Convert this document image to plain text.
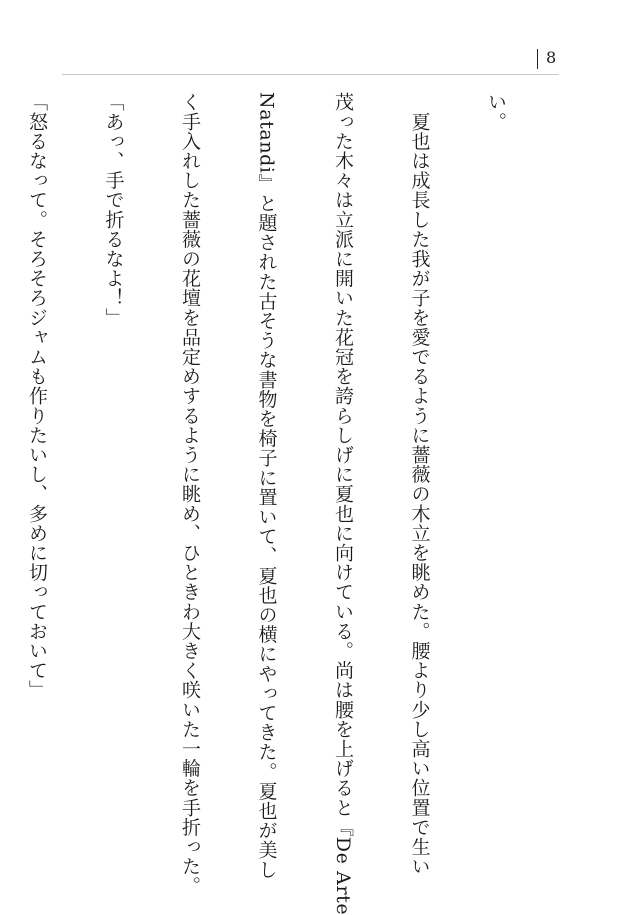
8

い。

　夏也は成長した我が子を愛でるように薔薇の木立を眺めた。腰より少し高い位置で生い

茂った木々は立派に開いた花冠を誇らしげに夏也に向けている。尚は腰を上げると『De Arte

Natandi』と題された古そうな書物を椅子に置いて、夏也の横にやってきた。夏也が美し

く手入れした薔薇の花壇を品定めするように眺め、ひときわ大きく咲いた一輪を手折った。

「あっ、手で折るなよ！」

「怒るなって。そろそろジャムも作りたいし、多めに切っておいて」
